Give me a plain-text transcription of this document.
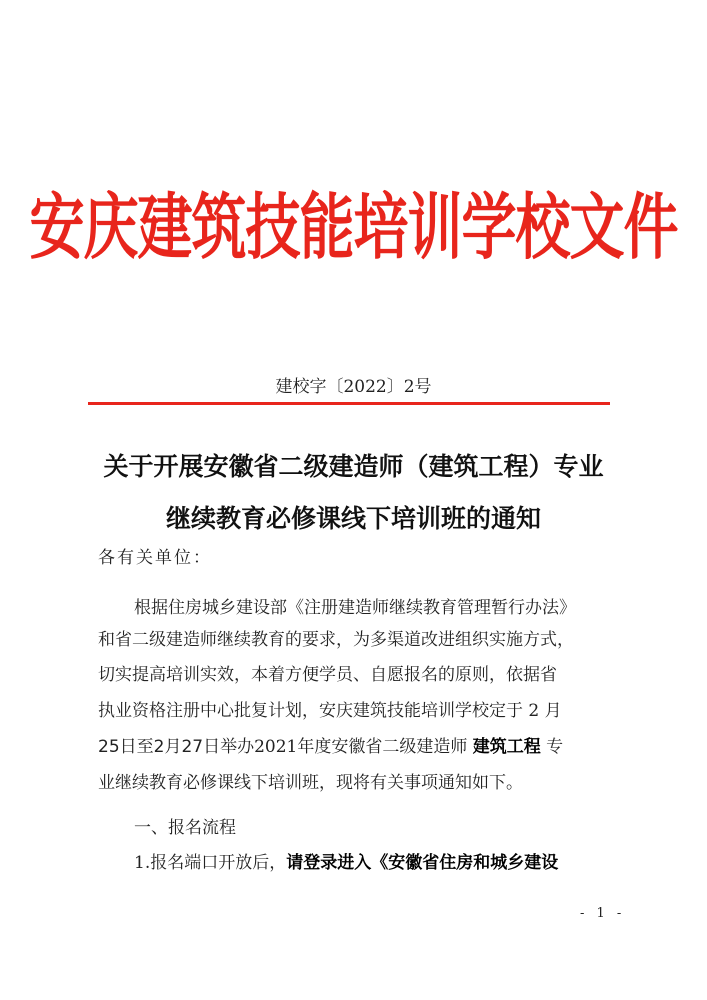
安庆建筑技能培训学校文件
建校字〔2022〕2号
关于开展安徽省二级建造师（建筑工程）专业
继续教育必修课线下培训班的通知
各有关单位：
根据住房城乡建设部《注册建造师继续教育管理暂行办法》
和省二级建造师继续教育的要求，为多渠道改进组织实施方式，
切实提高培训实效，本着方便学员、自愿报名的原则，依据省
执业资格注册中心批复计划，安庆建筑技能培训学校定于 2 月
25日至2月27日举办2021年度安徽省二级建造师 建筑工程 专
业继续教育必修课线下培训班，现将有关事项通知如下。
一、报名流程
1.报名端口开放后，请登录进入《安徽省住房和城乡建设
- 1 -
